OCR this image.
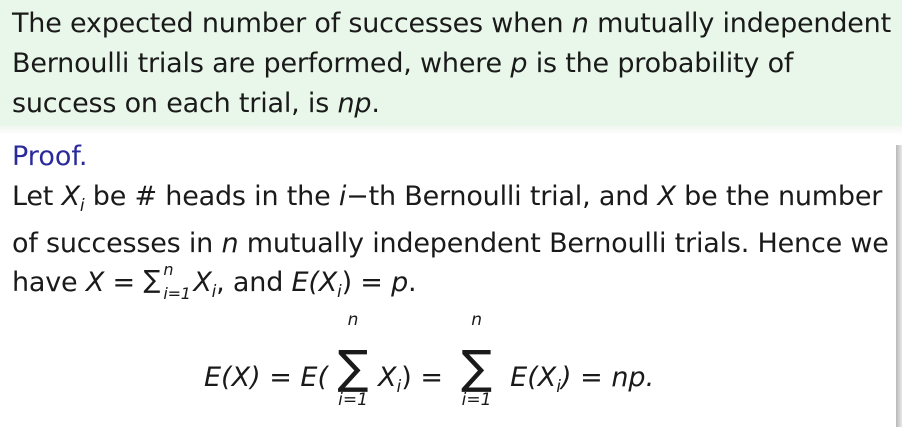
The expected number of successes when n mutually independent Bernoulli trials are performed, where p is the probability of success on each trial, is np.

Proof.

Let $X_i$ be # heads in the i−th Bernoulli trial, and X be the number of successes in n mutually independent Bernoulli trials. Hence we have X = ∑ n
i=1 $X_i$, and $E(X_i) = p$.

E(X) = E(
n
∑
i=1
$X_i$) =
n
∑
i=1
$E(X_i)$ = np.
